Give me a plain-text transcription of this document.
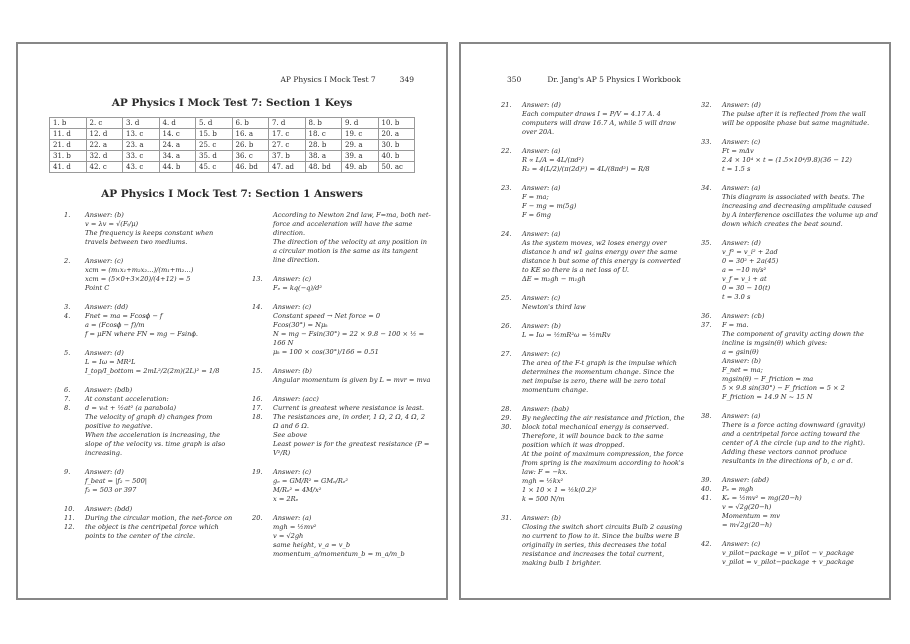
AP Physics I Mock Test 7	349
AP Physics I Mock Test 7: Section 1 Keys
1. b	2. c	3. d	4. d	5. d	6. b	7. d	8. b	9. d	10. b
11. d	12. d	13. c	14. c	15. b	16. a	17. c	18. c	19. c	20. a
21. d	22. a	23. a	24. a	25. c	26. b	27. c	28. b	29. a	30. b
31. b	32. d	33. c	34. a	35. d	36. c	37. b	38. a	39. a	40. b
41. d	42. c	43. c	44. b	45. c	46. bd	47. ad	48. bd	49. ab	50. ac
AP Physics I Mock Test 7: Section 1 Answers
1.	Answer: (b)
v = λv = √(Fₜ/μ)
The frequency is keeps constant when travels between two mediums.
2.	Answer: (c)
xcm = (m₁x₁+m₂x₂…)/(m₁+m₂…)
xcm = (5×0+3×20)/(4+12) = 5
Point C
3.
4.
Answer: (dd)
Fnet = ma = Fcosϕ − f
a = (Fcosϕ − f)/m
f = μFN where FN = mg − Fsinϕ.
5.	Answer: (d)
L = Iω = MR²L
I_top/I_bottom = 2mL²/2(2m)(2L)² = 1/8
6.
7.
8.
Answer: (bdb)
At constant acceleration:
d = v₀t + ½at² (a parabola)
The velocity of graph d) changes from positive to negative.
When the acceleration is increasing, the slope of the velocity vs. time graph is also increasing.
9.	Answer: (d)
f_beat = |f₂ − 500|
f₂ = 503 or 397
10.
11.
12.
Answer: (bdd)
During the circular motion, the net-force on the object is the centripetal force which points to the center of the circle.
According to Newton 2nd law, F=ma, both net-force and acceleration will have the same direction.
The direction of the velocity at any position in a circular motion is the same as its tangent line direction.
13.	Answer: (c)
Fₑ = kq(−q)/d²
14.	Answer: (c)
Constant speed → Net force = 0
Fcos(30°) = Nμₖ
N = mg − Fsin(30°) = 22 × 9.8 − 100 × ½ = 166 N
μₖ = 100 × cos(30°)/166 = 0.51
15.	Answer: (b)
Angular momentum is given by L = mvr = mva
16.
17.
18.
Answer: (acc)
Current is greatest where resistance is least. The resistances are, in order, 1 Ω, 2 Ω, 4 Ω, 2 Ω and 6 Ω.
See above
Least power is for the greatest resistance (P = V²/R)
19.	Answer: (c)
gₑ = GM/R² = GMₑ/Rₑ²
M/Rₑ² = 4M/x²
x = 2Rₑ
20.	Answer: (a)
mgh = ½mv²
v = √2gh
same height, v_a = v_b
momentum_a/momentum_b = m_a/m_b
350	Dr. Jang's AP 5 Physics I Workbook
21.	Answer: (d)
Each computer draws I = P/V = 4.17 A. 4 computers will draw 16.7 A, while 5 will draw over 20A.
22.	Answer: (a)
R ∝ L/A = 4L/(πd²)
R₂ = 4(L/2)/(π(2d)²) = 4L/(8πd²) = R/8
23.	Answer: (a)
F = ma;
F − mg = m(5g)
F = 6mg
24.	Answer: (a)
As the system moves, w2 loses energy over distance h and w1 gains energy over the same distance h but some of this energy is converted to KE so there is a net loss of U.
ΔE = m₂gh − m₁gh
25.	Answer: (c)
Newton's third law
26.	Answer: (b)
L = Iω = ½mR²ω = ½mRv
27.	Answer: (c)
The area of the F-t graph is the impulse which determines the momentum change. Since the net impulse is zero, there will be zero total momentum change.
28.
29.
30.
Answer: (bab)
By neglecting the air resistance and friction, the block total mechanical energy is conserved. Therefore, it will bounce back to the same position which it was dropped.
At the point of maximum compression, the force from spring is the maximum according to hook's law: F = −kx.
mgh = ½kx²
1 × 10 × 1 = ½k(0.2)²
k = 500 N/m
31.	Answer: (b)
Closing the switch short circuits Bulb 2 causing no current to flow to it. Since the bulbs were B originally in series, this decreases the total resistance and increases the total current, making bulb 1 brighter.
32.	Answer: (d)
The pulse after it is reflected from the wall will be opposite phase but same magnitude.
33.	Answer: (c)
Ft = mΔv
2.4 × 10⁴ × t = (1.5×10⁴/9.8)(36 − 12)
t = 1.5 s
34.	Answer: (a)
This diagram is associated with beats. The increasing and decreasing amplitude caused by A interference oscillates the volume up and down which creates the beat sound.
35.	Answer: (d)
v_f² = v_i² + 2ad
0 = 30² + 2a(45)
a = −10 m/s²
v_f = v_i + at
0 = 30 − 10(t)
t = 3.0 s
36.
37.
Answer: (cb)
F = ma.
The component of gravity acting down the incline is mgsin(θ) which gives:
a = gsin(θ)
Answer: (b)
F_net = ma;
mgsin(θ) − F_friction = ma
5 × 9.8 sin(30°) − F_friction = 5 × 2
F_friction = 14.9 N ~ 15 N
38.	Answer: (a)
There is a force acting downward (gravity) and a centripetal force acting toward the center of A the circle (up and to the right). Adding these vectors cannot produce resultants in the directions of b, c or d.
39.
40.
41.
Answer: (abd)
Pₑ = mgh
Kₑ = ½mv² = mg(20−h)
v = √2g(20−h)
Momentum = mv
= m√2g(20−h)
42.	Answer: (c)
v_pilot−package = v_pilot − v_package
v_pilot = v_pilot−package + v_package
